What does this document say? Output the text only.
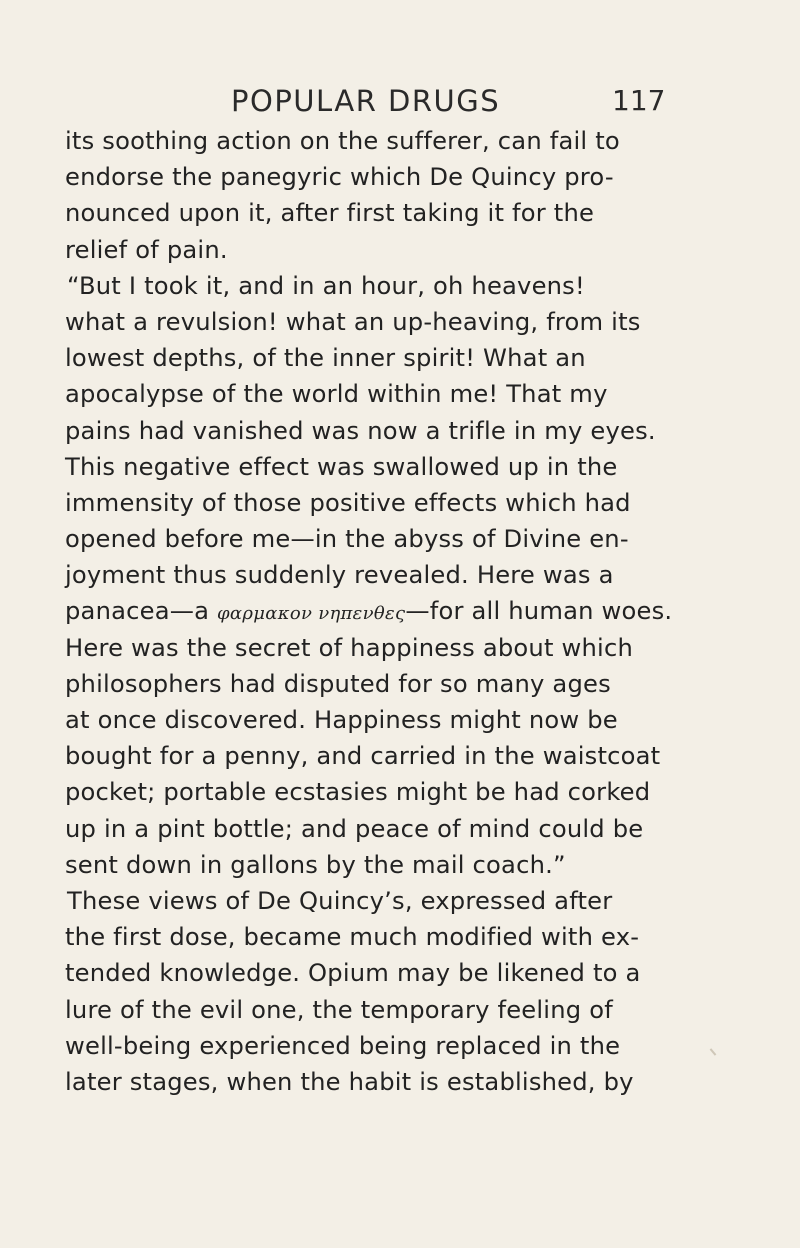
POPULAR DRUGS	117
its soothing action on the sufferer, can fail to
endorse the panegyric which De Quincy pro-
nounced upon it, after first taking it for the
relief of pain.
“But I took it, and in an hour, oh heavens!
what a revulsion! what an up-heaving, from its
lowest depths, of the inner spirit! What an
apocalypse of the world within me! That my
pains had vanished was now a trifle in my eyes.
This negative effect was swallowed up in the
immensity of those positive effects which had
opened before me—in the abyss of Divine en-
joyment thus suddenly revealed. Here was a
panacea—a φαρμακον νηπενθες—for all human woes.
Here was the secret of happiness about which
philosophers had disputed for so many ages
at once discovered. Happiness might now be
bought for a penny, and carried in the waistcoat
pocket; portable ecstasies might be had corked
up in a pint bottle; and peace of mind could be
sent down in gallons by the mail coach.”
These views of De Quincy’s, expressed after
the first dose, became much modified with ex-
tended knowledge. Opium may be likened to a
lure of the evil one, the temporary feeling of
well-being experienced being replaced in the
later stages, when the habit is established, by
